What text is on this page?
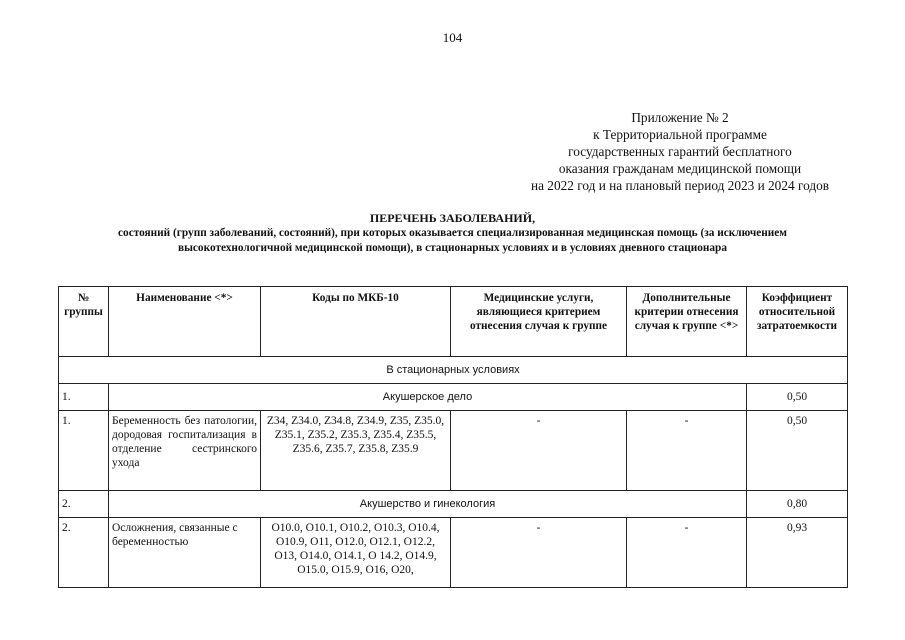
104
Приложение № 2
к Территориальной программе
государственных гарантий бесплатного
оказания гражданам медицинской помощи
на 2022 год и на плановый период 2023 и 2024 годов
ПЕРЕЧЕНЬ ЗАБОЛЕВАНИЙ,
состояний (групп заболеваний, состояний), при которых оказывается специализированная медицинская помощь (за исключением
высокотехнологичной медицинской помощи), в стационарных условиях и в условиях дневного стационара
№ группы	Наименование <*>	Коды по МКБ-10	Медицинские услуги, являющиеся критерием отнесения случая к группе	Дополнительные критерии отнесения случая к группе <*>	Коэффициент относительной затратоемкости
В стационарных условиях					
1.	Акушерское дело				0,50
1.	Беременность без патологии, дородовая госпитализация в отделение сестринского ухода	Z34, Z34.0, Z34.8, Z34.9, Z35, Z35.0, Z35.1, Z35.2, Z35.3, Z35.4, Z35.5, Z35.6, Z35.7, Z35.8, Z35.9	-	-	0,50
2.	Акушерство и гинекология				0,80
2.	Осложнения, связанные с беременностью	O10.0, O10.1, O10.2, O10.3, O10.4, O10.9, O11, O12.0, O12.1, O12.2, O13, O14.0, O14.1, O 14.2, O14.9, O15.0, O15.9, O16, O20,	-	-	0,93
